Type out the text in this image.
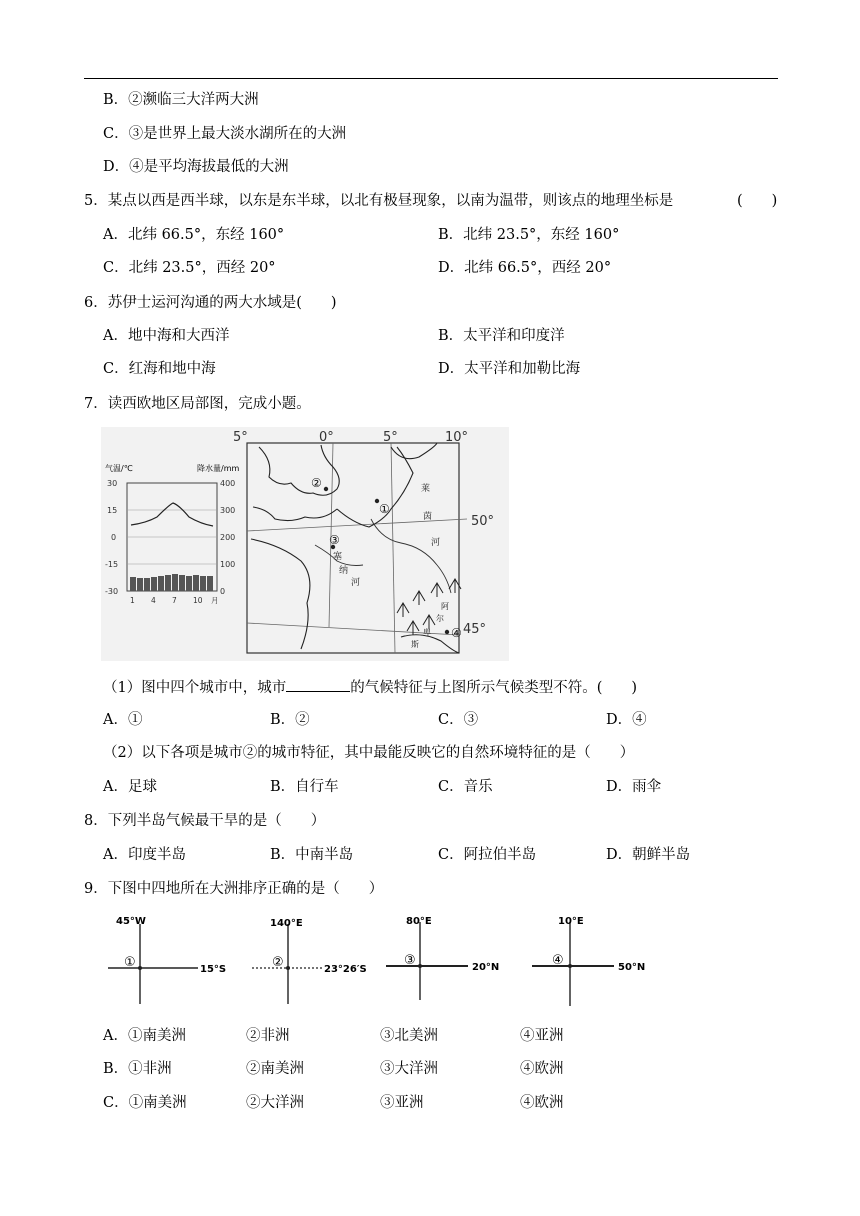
B．②濒临三大洋两大洲
C．③是世界上最大淡水湖所在的大洲
D．④是平均海拔最低的大洲
5．某点以西是西半球，以东是东半球，以北有极昼现象，以南为温带，则该点的地理坐标是	(　　)
A．北纬 66.5°，东经 160°	B．北纬 23.5°，东经 160°
C．北纬 23.5°，西经 20°	D．北纬 66.5°，西经 20°
6．苏伊士运河沟通的两大水域是(　　)
A．地中海和大西洋	B．太平洋和印度洋
C．红海和地中海	D．太平洋和加勒比海
7．读西欧地区局部图，完成小题。
气温/℃	降水量/mm
30
15
0
-15
-30
400
300
200
100
0
1 4 7 10 月
5°	0°	5°	10°
50°
45°
①
②
③
④
莱
茵
河
塞
纳
河
阿
尔
卑
斯
（1）图中四个城市中，城市	的气候特征与上图所示气候类型不符。(　　)
A．①	B．②	C．③	D．④
（2）以下各项是城市②的城市特征，其中最能反映它的自然环境特征的是（　　）
A．足球	B．自行车	C．音乐	D．雨伞
8．下列半岛气候最干旱的是（　　）
A．印度半岛	B．中南半岛	C．阿拉伯半岛	D．朝鲜半岛
9．下图中四地所在大洲排序正确的是（　　）
45°W
15°S
①
140°E
23°26′S
②
80°E
20°N
③
10°E
50°N
④
A．①南美洲	②非洲	③北美洲	④亚洲
B．①非洲	②南美洲	③大洋洲	④欧洲
C．①南美洲	②大洋洲	③亚洲	④欧洲
